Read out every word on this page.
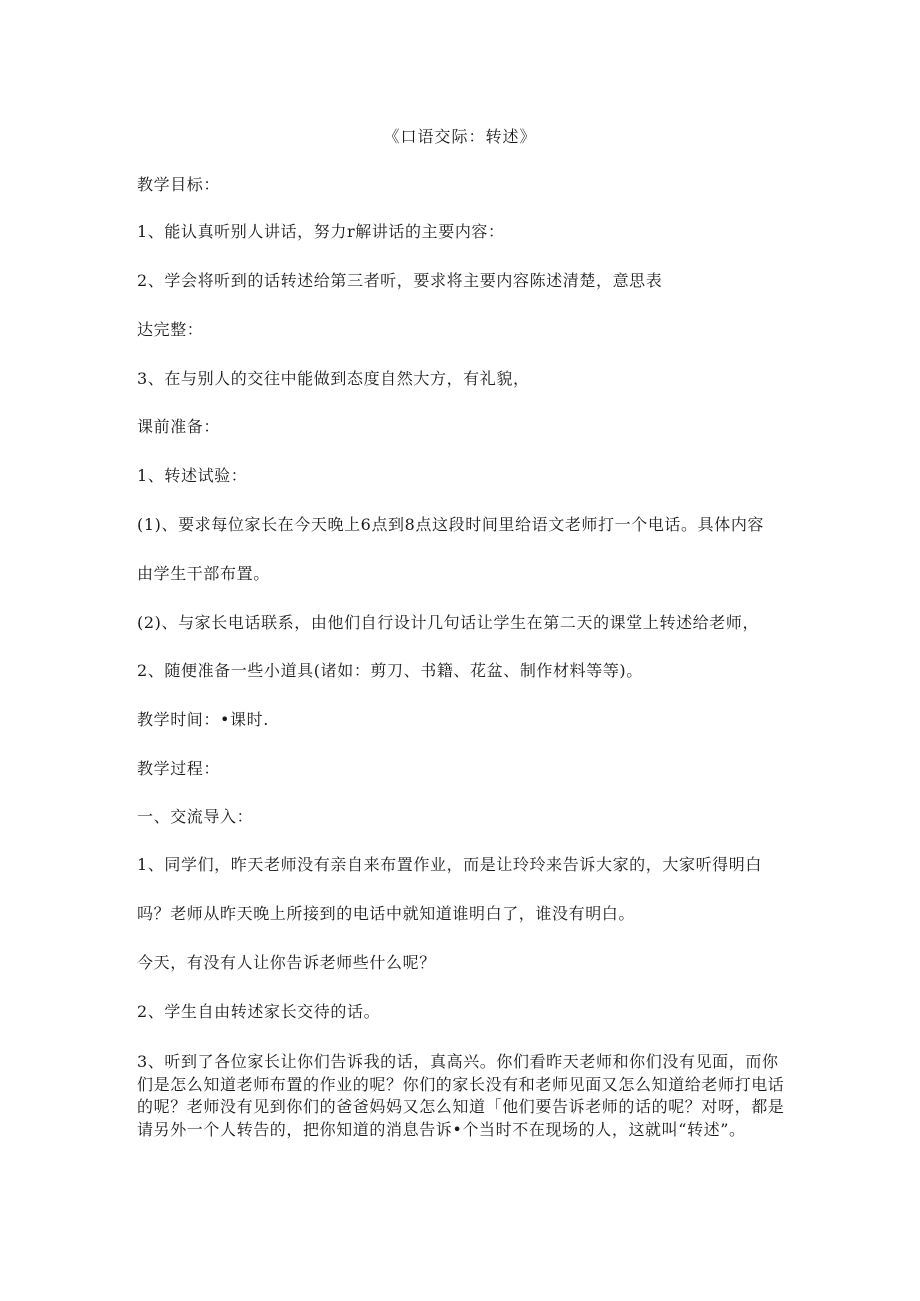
《口语交际：转述》
教学目标：
1、能认真听别人讲话，努力r解讲话的主要内容：
2、学会将听到的话转述给第三者听，要求将主要内容陈述清楚，意思表
达完整：
3、在与别人的交往中能做到态度自然大方，有礼貌，
课前准备：
1、转述试验：
(1)、要求每位家长在今天晚上6点到8点这段时间里给语文老师打一个电话。具体内容
由学生干部布置。
(2)、与家长电话联系，由他们自行设计几句话让学生在第二天的课堂上转述给老师，
2、随便准备一些小道具(诸如：剪刀、书籍、花盆、制作材料等等)。
教学时间：•课时.
教学过程：
一、交流导入：
1、同学们，昨天老师没有亲自来布置作业，而是让玲玲来告诉大家的，大家听得明白
吗？老师从昨天晚上所接到的电话中就知道谁明白了，谁没有明白。
今天，有没有人让你告诉老师些什么呢？
2、学生自由转述家长交待的话。
3、听到了各位家长让你们告诉我的话，真高兴。你们看昨天老师和你们没有见面，而你们是怎么知道老师布置的作业的呢？你们的家长没有和老师见面又怎么知道给老师打电话的呢？老师没有见到你们的爸爸妈妈又怎么知道「他们要告诉老师的话的呢？对呀，都是请另外一个人转告的，把你知道的消息告诉•个当时不在现场的人，这就叫“转述”。
